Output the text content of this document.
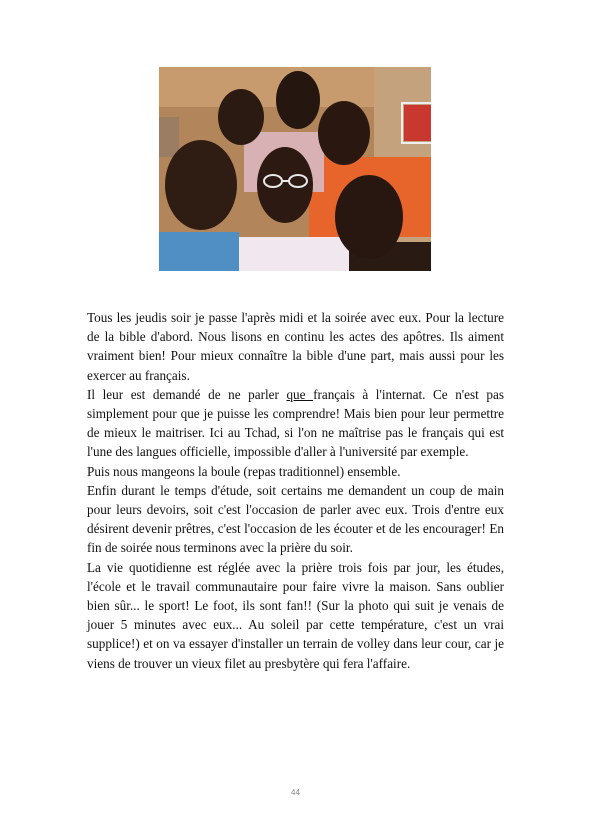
Tous les jeudis soir je passe l'après midi et la soirée avec eux. Pour la lecture de la bible d'abord. Nous lisons en continu les actes des apôtres. Ils aiment vraiment bien! Pour mieux connaître la bible d'une part, mais aussi pour les exercer au français.

Il leur est demandé de ne parler que français à l'internat. Ce n'est pas simplement pour que je puisse les comprendre! Mais bien pour leur permettre de mieux le maitriser. Ici au Tchad, si l'on ne maîtrise pas le français qui est l'une des langues officielle, impossible d'aller à l'université par exemple.

Puis nous mangeons la boule (repas traditionnel) ensemble.

Enfin durant le temps d'étude, soit certains me demandent un coup de main pour leurs devoirs, soit c'est l'occasion de parler avec eux. Trois d'entre eux désirent devenir prêtres, c'est l'occasion de les écouter et de les encourager! En fin de soirée nous terminons avec la prière du soir.

La vie quotidienne est réglée avec la prière trois fois par jour, les études, l'école et le travail communautaire pour faire vivre la maison. Sans oublier bien sûr... le sport! Le foot, ils sont fan!! (Sur la photo qui suit je venais de jouer 5 minutes avec eux... Au soleil par cette température, c'est un vrai supplice!) et on va essayer d'installer un terrain de volley dans leur cour, car je viens de trouver un vieux filet au presbytère qui fera l'affaire.

44
